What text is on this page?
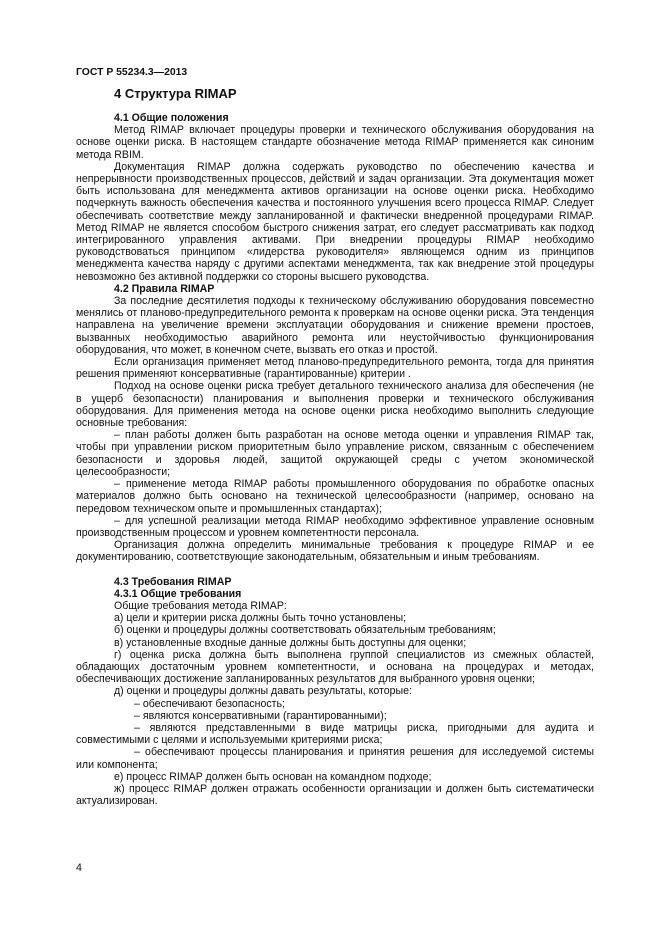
ГОСТ Р 55234.3—2013
4 Структура RIMAP
4.1 Общие положения

Метод RIMAP включает процедуры проверки и технического обслуживания оборудования на основе оценки риска. В настоящем стандарте обозначение метода RIMAP применяется как синоним метода RBIM.

Документация RIMAP должна содержать руководство по обеспечению качества и непрерывности производственных процессов, действий и задач организации. Эта документация может быть использована для менеджмента активов организации на основе оценки риска. Необходимо подчеркнуть важность обеспечения качества и постоянного улучшения всего процесса RIMAP. Следует обеспечивать соответствие между запланированной и фактически внедренной процедурами RIMAP. Метод RIMAP не является способом быстрого снижения затрат, его следует рассматривать как подход интегрированного управления активами. При внедрении процедуры RIMAP необходимо руководствоваться принципом «лидерства руководителя» являющемся одним из принципов менеджмента качества наряду с другими аспектами менеджмента, так как внедрение этой процедуры невозможно без активной поддержки со стороны высшего руководства.

4.2 Правила RIMAP

За последние десятилетия подходы к техническому обслуживанию оборудования повсеместно менялись от планово-предупредительного ремонта к проверкам на основе оценки риска. Эта тенденция направлена на увеличение времени эксплуатации оборудования и снижение времени простоев, вызванных необходимостью аварийного ремонта или неустойчивостью функционирования оборудования, что может, в конечном счете, вызвать его отказ и простой.

Если организация применяет метод планово-предупредительного ремонта, тогда для принятия решения применяют консервативные (гарантированные) критерии .

Подход на основе оценки риска требует детального технического анализа для обеспечения (не в ущерб безопасности) планирования и выполнения проверки и технического обслуживания оборудования. Для применения метода на основе оценки риска необходимо выполнить следующие основные требования:

– план работы должен быть разработан на основе метода оценки и управления RIMAP так, чтобы при управлении риском приоритетным было управление риском, связанным с обеспечением безопасности и здоровья людей, защитой окружающей среды с учетом экономической целесообразности;

– применение метода RIMAP работы промышленного оборудования по обработке опасных материалов должно быть основано на технической целесообразности (например, основано на передовом техническом опыте и промышленных стандартах);

– для успешной реализации метода RIMAP необходимо эффективное управление основным производственным процессом и уровнем компетентности персонала.

Организация должна определить минимальные требования к процедуре RIMAP и ее документированию, соответствующие законодательным, обязательным и иным требованиям.

4.3 Требования RIMAP
4.3.1 Общие требования

Общие требования метода RIMAP:

а) цели и критерии риска должны быть точно установлены;

б) оценки и процедуры должны соответствовать обязательным требованиям;

в) установленные входные данные должны быть доступны для оценки;

г) оценка риска должна быть выполнена группой специалистов из смежных областей, обладающих достаточным уровнем компетентности, и основана на процедурах и методах, обеспечивающих достижение запланированных результатов для выбранного уровня оценки;

д) оценки и процедуры должны давать результаты, которые:

– обеспечивают безопасность;

– являются консервативными (гарантированными);

– являются представленными в виде матрицы риска, пригодными для аудита и совместимыми с целями и используемыми критериями риска;

– обеспечивают процессы планирования и принятия решения для исследуемой системы или компонента;

е) процесс RIMAP должен быть основан на командном подходе;

ж) процесс RIMAP должен отражать особенности организации и должен быть систематически актуализирован.

4
